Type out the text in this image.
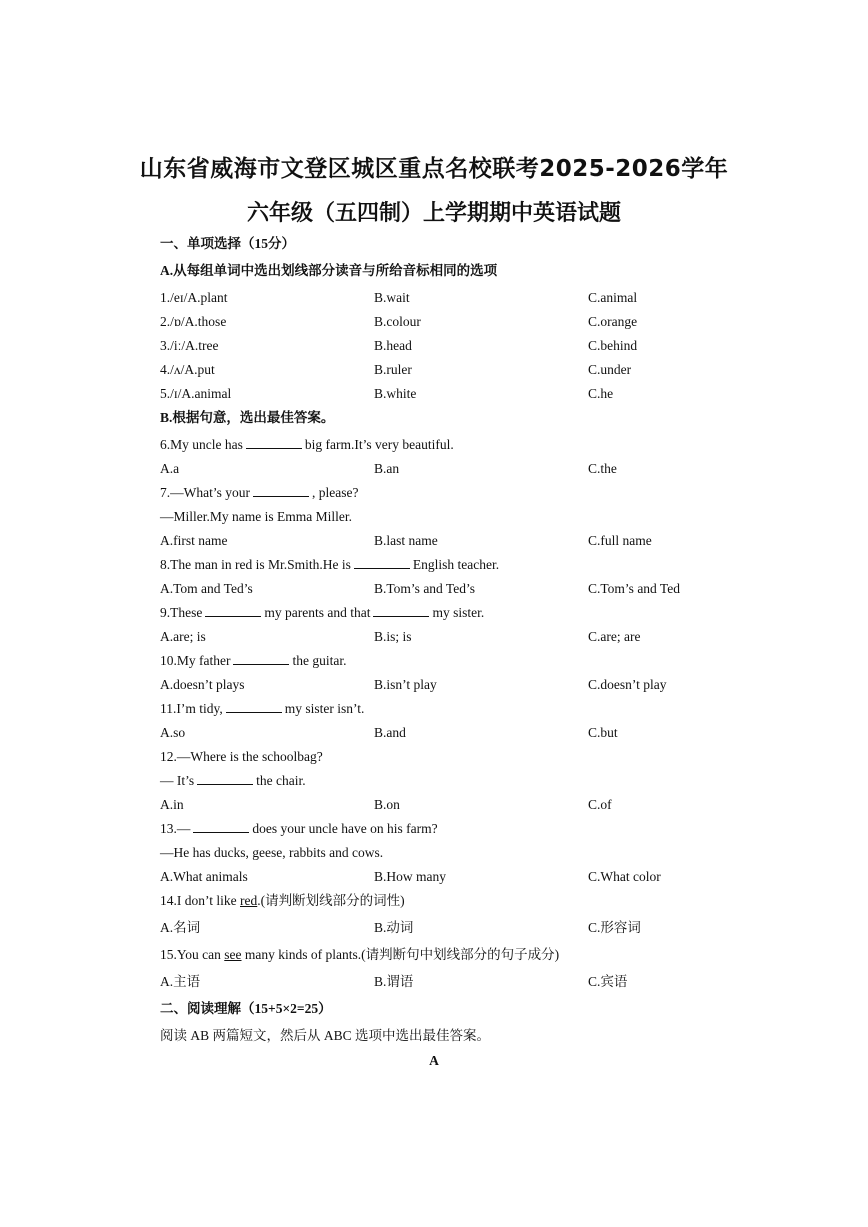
山东省威海市文登区城区重点名校联考2025-2026学年
六年级（五四制）上学期期中英语试题
一、单项选择（15分）
A.从每组单词中选出划线部分读音与所给音标相同的选项
1./eɪ/A.plant	B.wait	C.animal
2./ɒ/A.those	B.colour	C.orange
3./iː/A.tree	B.head	C.behind
4./ʌ/A.put	B.ruler	C.under
5./ɪ/A.animal	B.white	C.he
B.根据句意，选出最佳答案。
6.My uncle has	big farm.It’s very beautiful.
A.a	B.an	C.the
7.—What’s your	, please?
—Miller.My name is Emma Miller.
A.first name	B.last name	C.full name
8.The man in red is Mr.Smith.He is	English teacher.
A.Tom and Ted’s	B.Tom’s and Ted’s	C.Tom’s and Ted
9.These	my parents and that	my sister.
A.are; is	B.is; is	C.are; are
10.My father	the guitar.
A.doesn’t plays	B.isn’t play	C.doesn’t play
11.I’m tidy,	my sister isn’t.
A.so	B.and	C.but
12.—Where is the schoolbag?
— It’s	the chair.
A.in	B.on	C.of
13.—	does your uncle have on his farm?
—He has ducks, geese, rabbits and cows.
A.What animals	B.How many	C.What color
14.I don’t like red.(请判断划线部分的词性)
A.名词	B.动词	C.形容词
15.You can see many kinds of plants.(请判断句中划线部分的句子成分)
A.主语	B.谓语	C.宾语
二、阅读理解（15+5×2=25）
阅读 AB 两篇短文，然后从 ABC 选项中选出最佳答案。
A
